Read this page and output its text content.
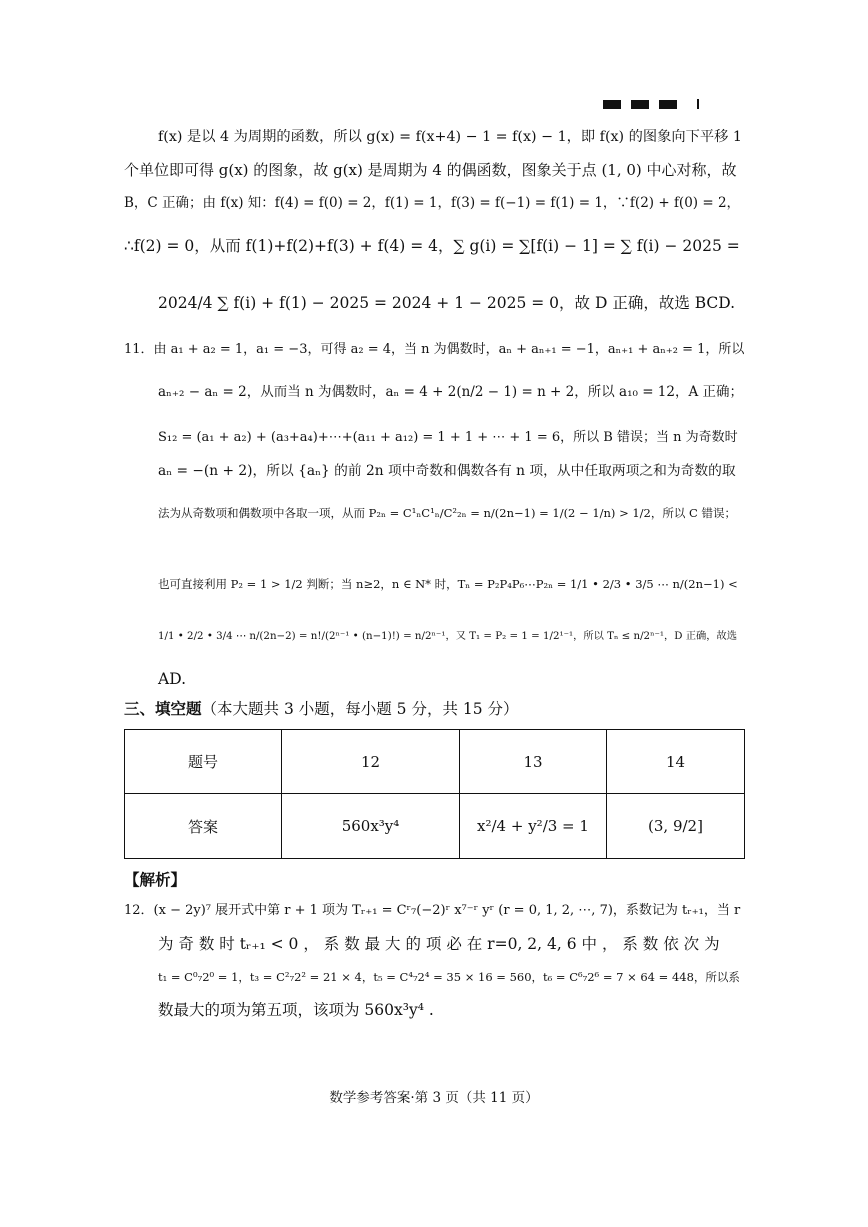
f(x) 是以 4 为周期的函数，所以 g(x) = f(x+4) − 1 = f(x) − 1，即 f(x) 的图象向下平移 1
个单位即可得 g(x) 的图象，故 g(x) 是周期为 4 的偶函数，图象关于点 (1, 0) 中心对称，故
B，C 正确；由 f(x) 知：f(4) = f(0) = 2，f(1) = 1，f(3) = f(−1) = f(1) = 1，∵f(2) + f(0) = 2，
∴f(2) = 0，从而 f(1)+f(2)+f(3) + f(4) = 4，∑ g(i) = ∑[f(i) − 1] = ∑ f(i) − 2025 =
2024/4 ∑ f(i) + f(1) − 2025 = 2024 + 1 − 2025 = 0，故 D 正确，故选 BCD.
11．由 a₁ + a₂ = 1，a₁ = −3，可得 a₂ = 4，当 n 为偶数时，aₙ + aₙ₊₁ = −1，aₙ₊₁ + aₙ₊₂ = 1，所以
aₙ₊₂ − aₙ = 2，从而当 n 为偶数时，aₙ = 4 + 2(n/2 − 1) = n + 2，所以 a₁₀ = 12，A 正确；
S₁₂ = (a₁ + a₂) + (a₃+a₄)+⋯+(a₁₁ + a₁₂) = 1 + 1 + ⋯ + 1 = 6，所以 B 错误；当 n 为奇数时
aₙ = −(n + 2)，所以 {aₙ} 的前 2n 项中奇数和偶数各有 n 项，从中任取两项之和为奇数的取
法为从奇数项和偶数项中各取一项，从而 P₂ₙ = C¹ₙC¹ₙ/C²₂ₙ = n/(2n−1) = 1/(2 − 1/n) > 1/2，所以 C 错误；
也可直接利用 P₂ = 1 > 1/2 判断；当 n≥2，n ∈ N* 时，Tₙ = P₂P₄P₆⋯P₂ₙ = 1/1 • 2/3 • 3/5 ⋯ n/(2n−1) <
1/1 • 2/2 • 3/4 ⋯ n/(2n−2) = n!/(2ⁿ⁻¹ • (n−1)!) = n/2ⁿ⁻¹，又 T₁ = P₂ = 1 = 1/2¹⁻¹，所以 Tₙ ≤ n/2ⁿ⁻¹，D 正确，故选
AD.
三、填空题（本大题共 3 小题，每小题 5 分，共 15 分）
题号	12	13	14
答案	560x³y⁴	x²/4 + y²/3 = 1	(3, 9/2]
【解析】
12．(x − 2y)⁷ 展开式中第 r + 1 项为 Tᵣ₊₁ = Cʳ₇(−2)ʳ x⁷⁻ʳ yʳ (r = 0, 1, 2, ⋯, 7)，系数记为 tᵣ₊₁，当 r
为 奇 数 时 tᵣ₊₁ < 0 ， 系 数 最 大 的 项 必 在 r=0, 2, 4, 6 中 ， 系 数 依 次 为
t₁ = C⁰₇2⁰ = 1，t₃ = C²₇2² = 21 × 4，t₅ = C⁴₇2⁴ = 35 × 16 = 560，t₆ = C⁶₇2⁶ = 7 × 64 = 448，所以系
数最大的项为第五项，该项为 560x³y⁴ .
数学参考答案·第 3 页（共 11 页）
